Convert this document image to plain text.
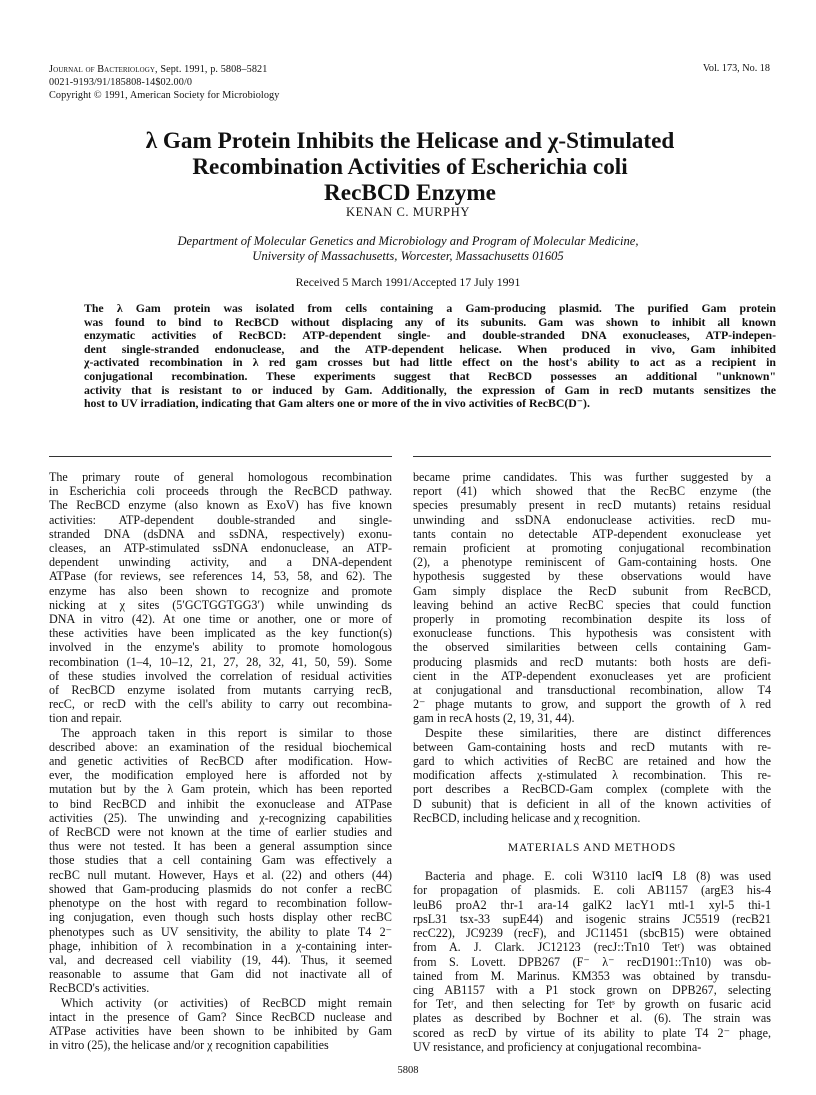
Journal of Bacteriology, Sept. 1991, p. 5808–5821
0021-9193/91/185808-14$02.00/0
Copyright © 1991, American Society for Microbiology
Vol. 173, No. 18
λ Gam Protein Inhibits the Helicase and χ-Stimulated
Recombination Activities of Escherichia coli
RecBCD Enzyme
KENAN C. MURPHY
Department of Molecular Genetics and Microbiology and Program of Molecular Medicine,
University of Massachusetts, Worcester, Massachusetts 01605
Received 5 March 1991/Accepted 17 July 1991
The λ Gam protein was isolated from cells containing a Gam-producing plasmid. The purified Gam protein
was found to bind to RecBCD without displacing any of its subunits. Gam was shown to inhibit all known
enzymatic activities of RecBCD: ATP-dependent single- and double-stranded DNA exonucleases, ATP-indepen-
dent single-stranded endonuclease, and the ATP-dependent helicase. When produced in vivo, Gam inhibited
χ-activated recombination in λ red gam crosses but had little effect on the host's ability to act as a recipient in
conjugational recombination. These experiments suggest that RecBCD possesses an additional "unknown"
activity that is resistant to or induced by Gam. Additionally, the expression of Gam in recD mutants sensitizes the
host to UV irradiation, indicating that Gam alters one or more of the in vivo activities of RecBC(D⁻).
The primary route of general homologous recombination
in Escherichia coli proceeds through the RecBCD pathway.
The RecBCD enzyme (also known as ExoV) has five known
activities: ATP-dependent double-stranded and single-
stranded DNA (dsDNA and ssDNA, respectively) exonu-
cleases, an ATP-stimulated ssDNA endonuclease, an ATP-
dependent unwinding activity, and a DNA-dependent
ATPase (for reviews, see references 14, 53, 58, and 62). The
enzyme has also been shown to recognize and promote
nicking at χ sites (5′GCTGGTGG3′) while unwinding ds
DNA in vitro (42). At one time or another, one or more of
these activities have been implicated as the key function(s)
involved in the enzyme's ability to promote homologous
recombination (1–4, 10–12, 21, 27, 28, 32, 41, 50, 59). Some
of these studies involved the correlation of residual activities
of RecBCD enzyme isolated from mutants carrying recB,
recC, or recD with the cell's ability to carry out recombina-
tion and repair.
The approach taken in this report is similar to those
described above: an examination of the residual biochemical
and genetic activities of RecBCD after modification. How-
ever, the modification employed here is afforded not by
mutation but by the λ Gam protein, which has been reported
to bind RecBCD and inhibit the exonuclease and ATPase
activities (25). The unwinding and χ-recognizing capabilities
of RecBCD were not known at the time of earlier studies and
thus were not tested. It has been a general assumption since
those studies that a cell containing Gam was effectively a
recBC null mutant. However, Hays et al. (22) and others (44)
showed that Gam-producing plasmids do not confer a recBC
phenotype on the host with regard to recombination follow-
ing conjugation, even though such hosts display other recBC
phenotypes such as UV sensitivity, the ability to plate T4 2⁻
phage, inhibition of λ recombination in a χ-containing inter-
val, and decreased cell viability (19, 44). Thus, it seemed
reasonable to assume that Gam did not inactivate all of
RecBCD's activities.
Which activity (or activities) of RecBCD might remain
intact in the presence of Gam? Since RecBCD nuclease and
ATPase activities have been shown to be inhibited by Gam
in vitro (25), the helicase and/or χ recognition capabilities
became prime candidates. This was further suggested by a
report (41) which showed that the RecBC enzyme (the
species presumably present in recD mutants) retains residual
unwinding and ssDNA endonuclease activities. recD mu-
tants contain no detectable ATP-dependent exonuclease yet
remain proficient at promoting conjugational recombination
(2), a phenotype reminiscent of Gam-containing hosts. One
hypothesis suggested by these observations would have
Gam simply displace the RecD subunit from RecBCD,
leaving behind an active RecBC species that could function
properly in promoting recombination despite its loss of
exonuclease functions. This hypothesis was consistent with
the observed similarities between cells containing Gam-
producing plasmids and recD mutants: both hosts are defi-
cient in the ATP-dependent exonucleases yet are proficient
at conjugational and transductional recombination, allow T4
2⁻ phage mutants to grow, and support the growth of λ red
gam in recA hosts (2, 19, 31, 44).
Despite these similarities, there are distinct differences
between Gam-containing hosts and recD mutants with re-
gard to which activities of RecBC are retained and how the
modification affects χ-stimulated λ recombination. This re-
port describes a RecBCD-Gam complex (complete with the
D subunit) that is deficient in all of the known activities of
RecBCD, including helicase and χ recognition.
MATERIALS AND METHODS
Bacteria and phage. E. coli W3110 lacIᑫ L8 (8) was used
for propagation of plasmids. E. coli AB1157 (argE3 his-4
leuB6 proA2 thr-1 ara-14 galK2 lacY1 mtl-1 xyl-5 thi-1
rpsL31 tsx-33 supE44) and isogenic strains JC5519 (recB21
recC22), JC9239 (recF), and JC11451 (sbcB15) were obtained
from A. J. Clark. JC12123 (recJ::Tn10 Tetʳ) was obtained
from S. Lovett. DPB267 (F⁻ λ⁻ recD1901::Tn10) was ob-
tained from M. Marinus. KM353 was obtained by transdu-
cing AB1157 with a P1 stock grown on DPB267, selecting
for Tetʳ, and then selecting for Tetˢ by growth on fusaric acid
plates as described by Bochner et al. (6). The strain was
scored as recD by virtue of its ability to plate T4 2⁻ phage,
UV resistance, and proficiency at conjugational recombina-
5808
